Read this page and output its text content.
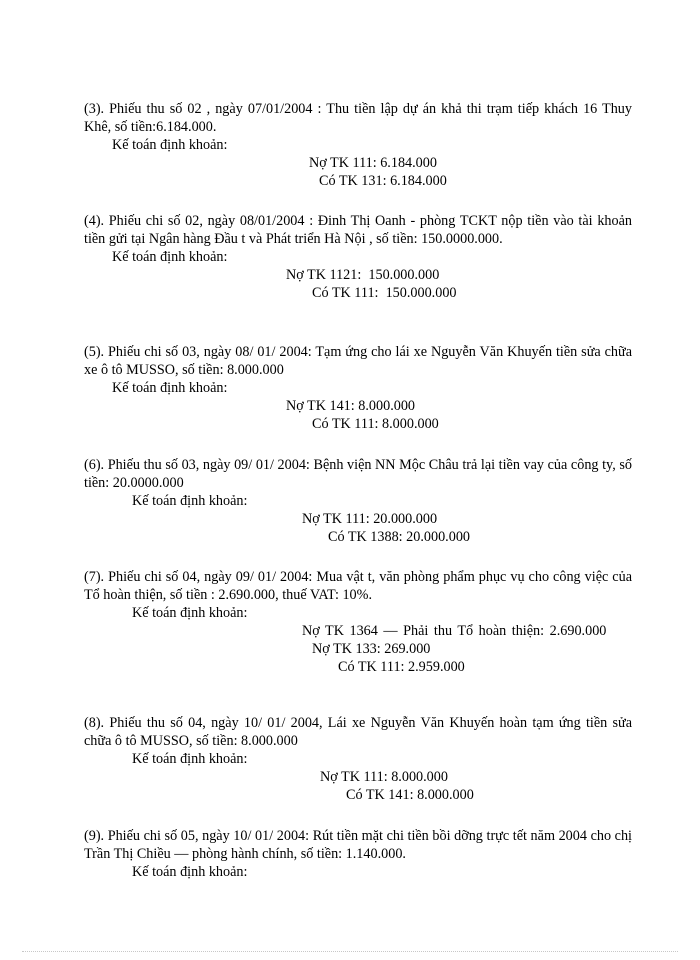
(3). Phiếu thu số 02 , ngày 07/01/2004 : Thu tiền lập dự án khả thi trạm tiếp khách 16 Thuy Khê, số tiền:6.184.000.

Kế toán định khoản:

Nợ TK 111: 6.184.000

Có TK 131: 6.184.000

(4). Phiếu chi số 02, ngày 08/01/2004 : Đinh Thị Oanh - phòng TCKT nộp tiền vào tài khoản tiền gửi tại Ngân hàng Đầu t và Phát triển Hà Nội , số tiền: 150.0000.000.

Kế toán định khoản:

Nợ TK 1121:  150.000.000

Có TK 111:  150.000.000

(5). Phiếu chi số 03, ngày 08/ 01/ 2004: Tạm ứng cho lái xe Nguyễn Văn Khuyến tiền sửa chữa xe ô tô MUSSO, số tiền: 8.000.000

Kế toán định khoản:

Nợ TK 141: 8.000.000

Có TK 111: 8.000.000

(6). Phiếu thu số 03, ngày 09/ 01/ 2004: Bệnh viện NN Mộc Châu trả lại tiền vay của công ty, số tiền: 20.0000.000

Kế toán định khoản:

Nợ TK 111: 20.000.000

Có TK 1388: 20.000.000

(7). Phiếu chi số 04, ngày 09/ 01/ 2004: Mua vật t, văn phòng phẩm phục vụ cho công việc của Tổ hoàn thiện, số tiền : 2.690.000, thuế VAT: 10%.

Kế toán định khoản:

Nợ TK 1364 — Phải thu Tổ hoàn thiện: 2.690.000

Nợ TK 133: 269.000

Có TK 111: 2.959.000

(8). Phiếu thu số 04, ngày 10/ 01/ 2004, Lái xe Nguyễn Văn Khuyến hoàn tạm ứng tiền sửa chữa ô tô MUSSO, số tiền: 8.000.000

Kế toán định khoản:

Nợ TK 111: 8.000.000

Có TK 141: 8.000.000

(9). Phiếu chi số 05, ngày 10/ 01/ 2004: Rút tiền mặt chi tiền bồi dỡng trực tết năm 2004 cho chị Trần Thị Chiều — phòng hành chính, số tiền: 1.140.000.

Kế toán định khoản:
